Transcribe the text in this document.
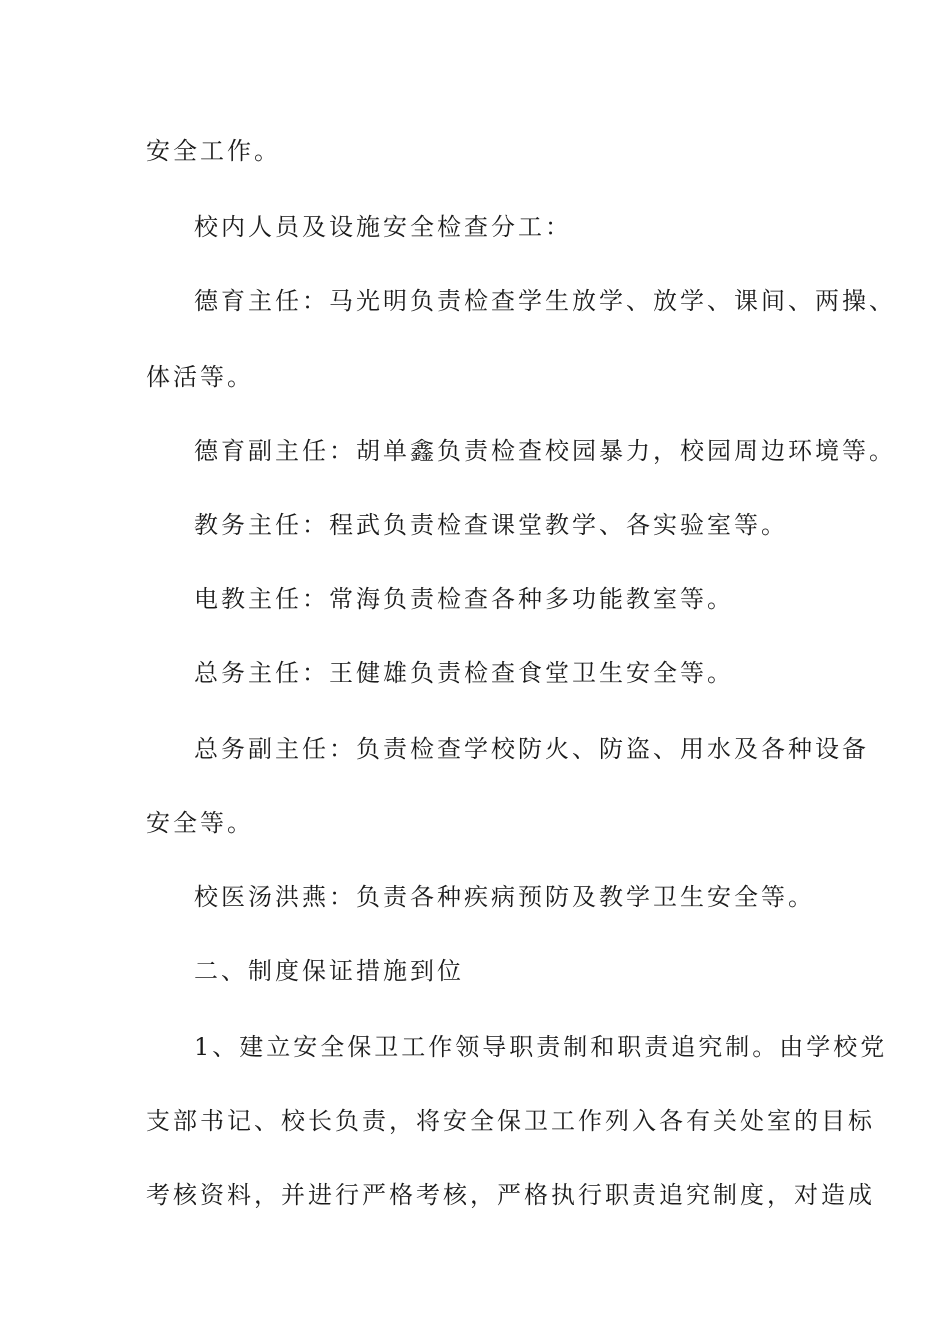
安全工作。
校内人员及设施安全检查分工：
德育主任：马光明负责检查学生放学、放学、课间、两操、
体活等。
德育副主任：胡单鑫负责检查校园暴力，校园周边环境等。
教务主任：程武负责检查课堂教学、各实验室等。
电教主任：常海负责检查各种多功能教室等。
总务主任：王健雄负责检查食堂卫生安全等。
总务副主任：负责检查学校防火、防盗、用水及各种设备
安全等。
校医汤洪燕：负责各种疾病预防及教学卫生安全等。
二、制度保证措施到位
1、建立安全保卫工作领导职责制和职责追究制。由学校党
支部书记、校长负责，将安全保卫工作列入各有关处室的目标
考核资料，并进行严格考核，严格执行职责追究制度，对造成
